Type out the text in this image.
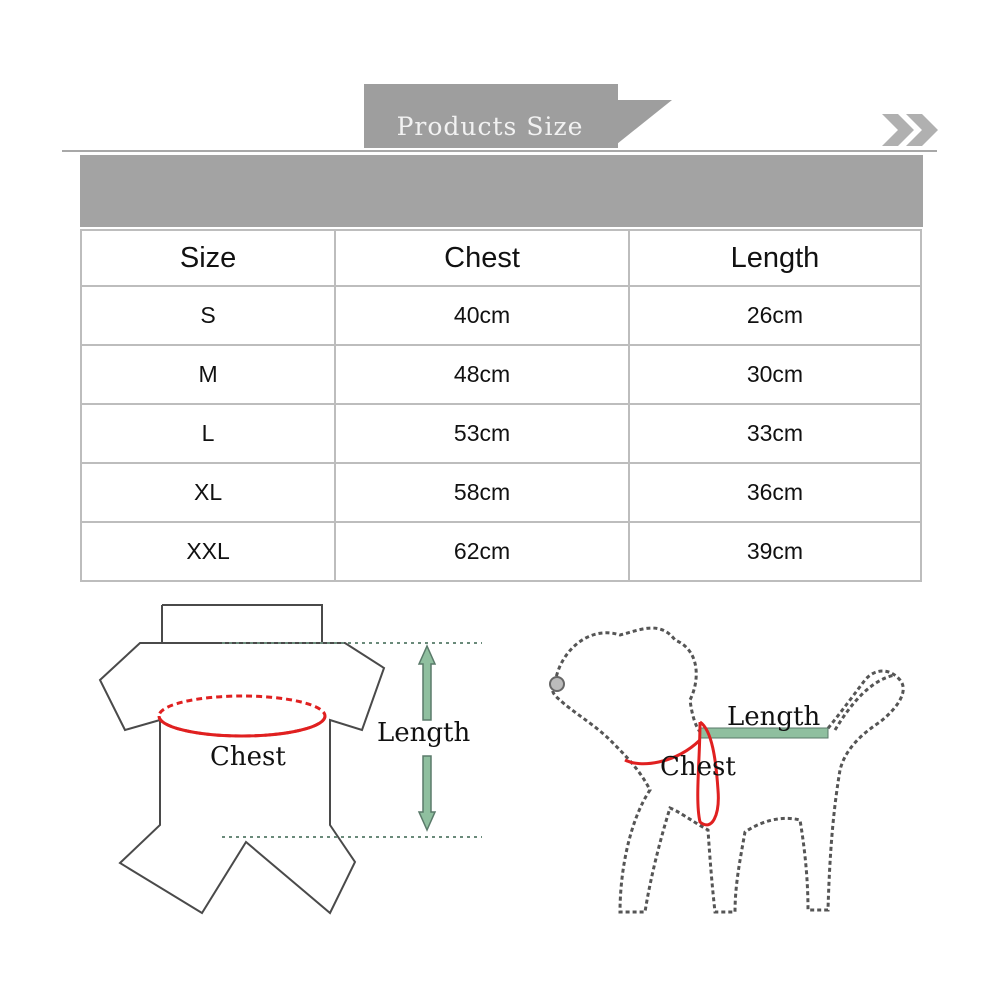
Products Size
Size	Chest	Length
S	40cm	26cm
M	48cm	30cm
L	53cm	33cm
XL	58cm	36cm
XXL	62cm	39cm
Chest
Length
Length
Chest
